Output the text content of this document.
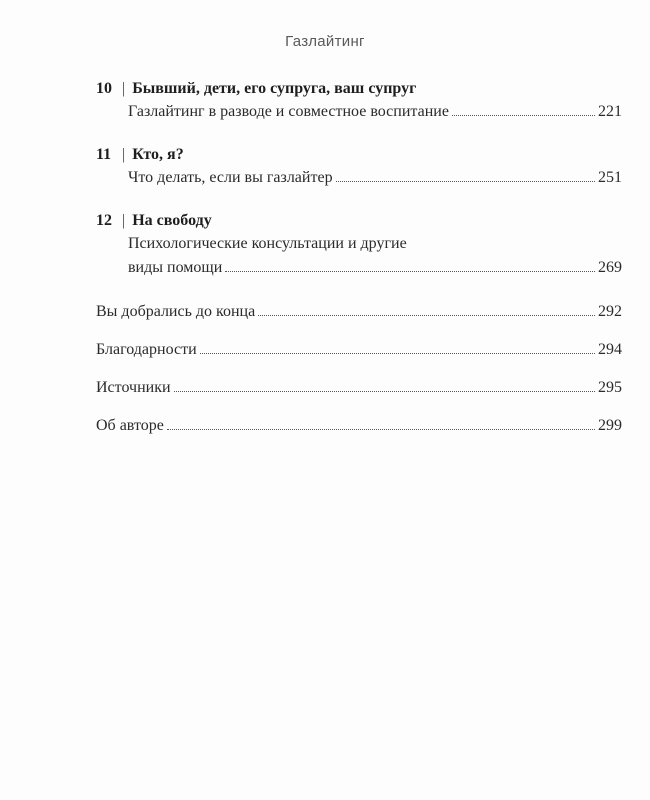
Газлайтинг
10 | Бывший, дети, его супруга, ваш супруг
Газлайтинг в разводе и совместное воспитание	221
11 | Кто, я?
Что делать, если вы газлайтер	251
12 | На свободу
Психологические консультации и другие
виды помощи	269
Вы добрались до конца	292
Благодарности	294
Источники	295
Об авторе	299
